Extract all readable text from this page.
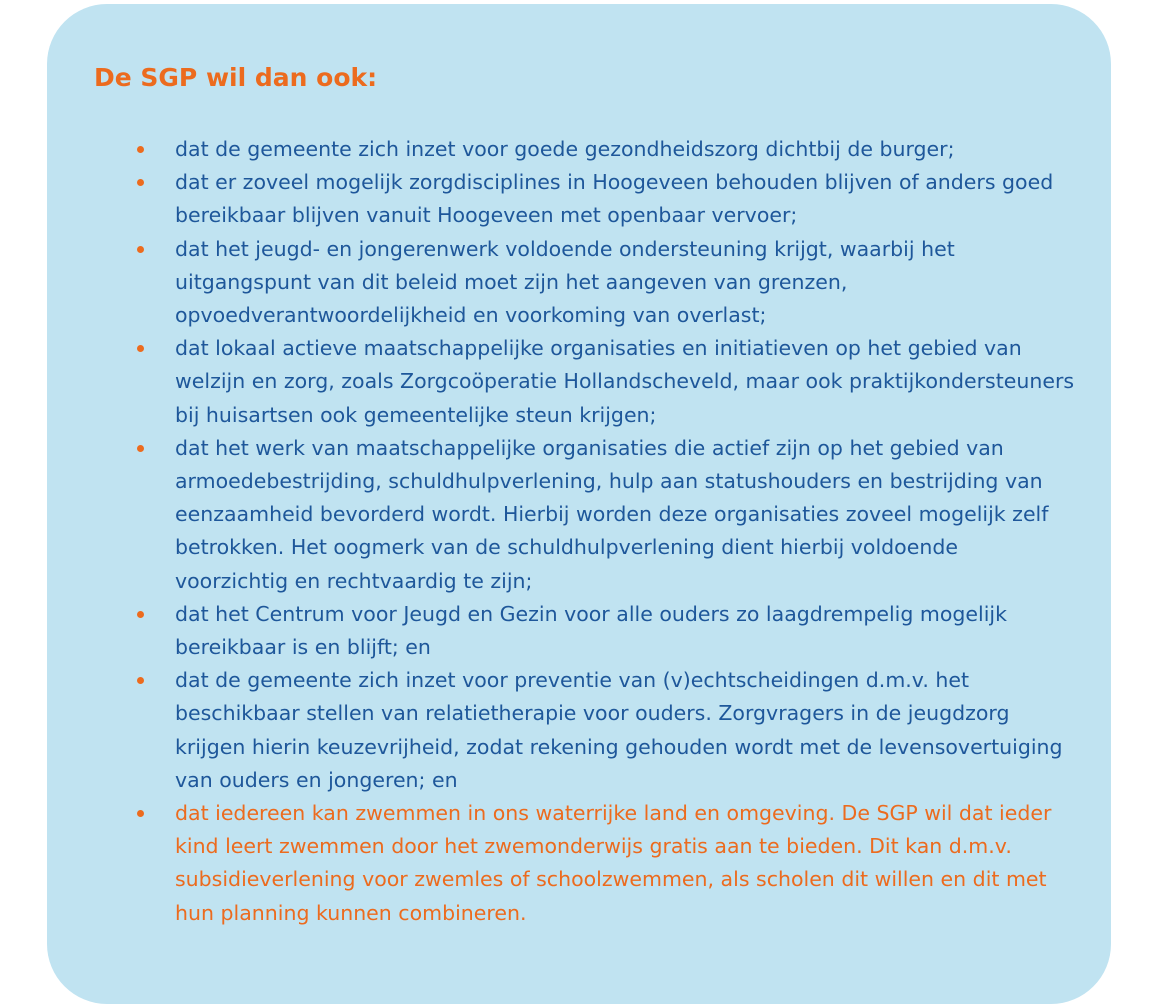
De SGP wil dan ook:
dat de gemeente zich inzet voor goede gezondheidszorg dichtbij de burger;
dat er zoveel mogelijk zorgdisciplines in Hoogeveen behouden blijven of anders goed bereikbaar blijven vanuit Hoogeveen met openbaar vervoer;
dat het jeugd- en jongerenwerk voldoende ondersteuning krijgt, waarbij het uitgangspunt van dit beleid moet zijn het aangeven van grenzen, opvoedverantwoordelijkheid en voorkoming van overlast;
dat lokaal actieve maatschappelijke organisaties en initiatieven op het gebied van welzijn en zorg, zoals Zorgcoöperatie Hollandscheveld, maar ook praktijkondersteuners bij huisartsen ook gemeentelijke steun krijgen;
dat het werk van maatschappelijke organisaties die actief zijn op het gebied van armoedebestrijding, schuldhulpverlening, hulp aan statushouders en bestrijding van eenzaamheid bevorderd wordt. Hierbij worden deze organisaties zoveel mogelijk zelf betrokken. Het oogmerk van de schuldhulpverlening dient hierbij voldoende voorzichtig en rechtvaardig te zijn;
dat het Centrum voor Jeugd en Gezin voor alle ouders zo laagdrempelig mogelijk bereikbaar is en blijft; en
dat de gemeente zich inzet voor preventie van (v)echtscheidingen d.m.v. het beschikbaar stellen van relatietherapie voor ouders. Zorgvragers in de jeugdzorg krijgen hierin keuzevrijheid, zodat rekening gehouden wordt met de levensovertuiging van ouders en jongeren; en
dat iedereen kan zwemmen in ons waterrijke land en omgeving. De SGP wil dat ieder kind leert zwemmen door het zwemonderwijs gratis aan te bieden. Dit kan d.m.v. subsidieverlening voor zwemles of schoolzwemmen, als scholen dit willen en dit met hun planning kunnen combineren.
